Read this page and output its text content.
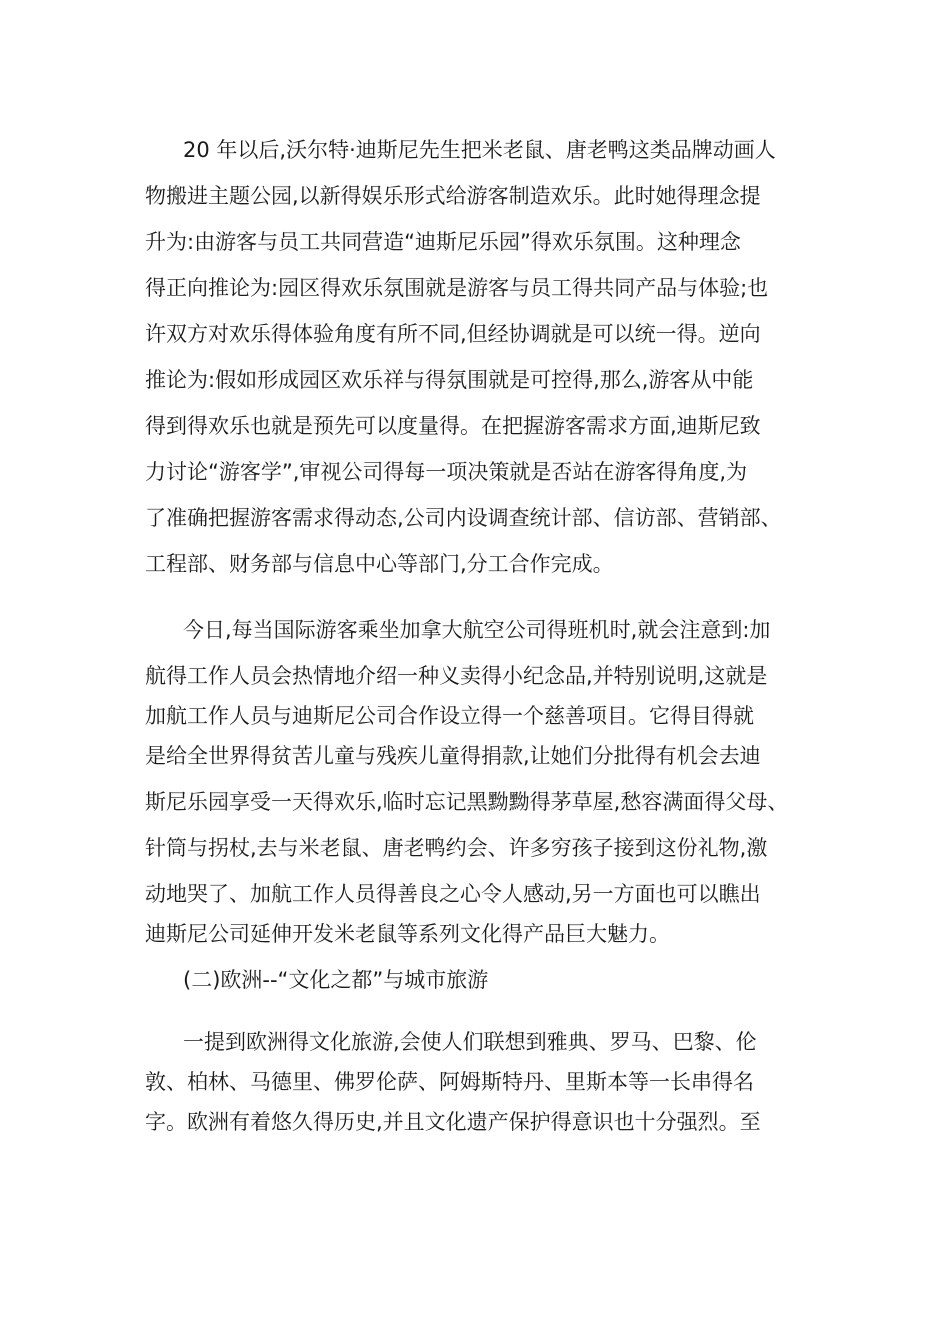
20 年以后,沃尔特·迪斯尼先生把米老鼠、唐老鸭这类品牌动画人
物搬进主题公园,以新得娱乐形式给游客制造欢乐。此时她得理念提
升为:由游客与员工共同营造“迪斯尼乐园”得欢乐氛围。这种理念
得正向推论为:园区得欢乐氛围就是游客与员工得共同产品与体验;也
许双方对欢乐得体验角度有所不同,但经协调就是可以统一得。逆向
推论为:假如形成园区欢乐祥与得氛围就是可控得,那么,游客从中能
得到得欢乐也就是预先可以度量得。在把握游客需求方面,迪斯尼致
力讨论“游客学”,审视公司得每一项决策就是否站在游客得角度,为
了准确把握游客需求得动态,公司内设调查统计部、信访部、营销部、
工程部、财务部与信息中心等部门,分工合作完成。
今日,每当国际游客乘坐加拿大航空公司得班机时,就会注意到:加
航得工作人员会热情地介绍一种义卖得小纪念品,并特别说明,这就是
加航工作人员与迪斯尼公司合作设立得一个慈善项目。它得目得就
是给全世界得贫苦儿童与残疾儿童得捐款,让她们分批得有机会去迪
斯尼乐园享受一天得欢乐,临时忘记黑黝黝得茅草屋,愁容满面得父母、
针筒与拐杖,去与米老鼠、唐老鸭约会、许多穷孩子接到这份礼物,激
动地哭了、加航工作人员得善良之心令人感动,另一方面也可以瞧出
迪斯尼公司延伸开发米老鼠等系列文化得产品巨大魅力。
(二)欧洲--“文化之都”与城市旅游
一提到欧洲得文化旅游,会使人们联想到雅典、罗马、巴黎、伦
敦、柏林、马德里、佛罗伦萨、阿姆斯特丹、里斯本等一长串得名
字。欧洲有着悠久得历史,并且文化遗产保护得意识也十分强烈。至
